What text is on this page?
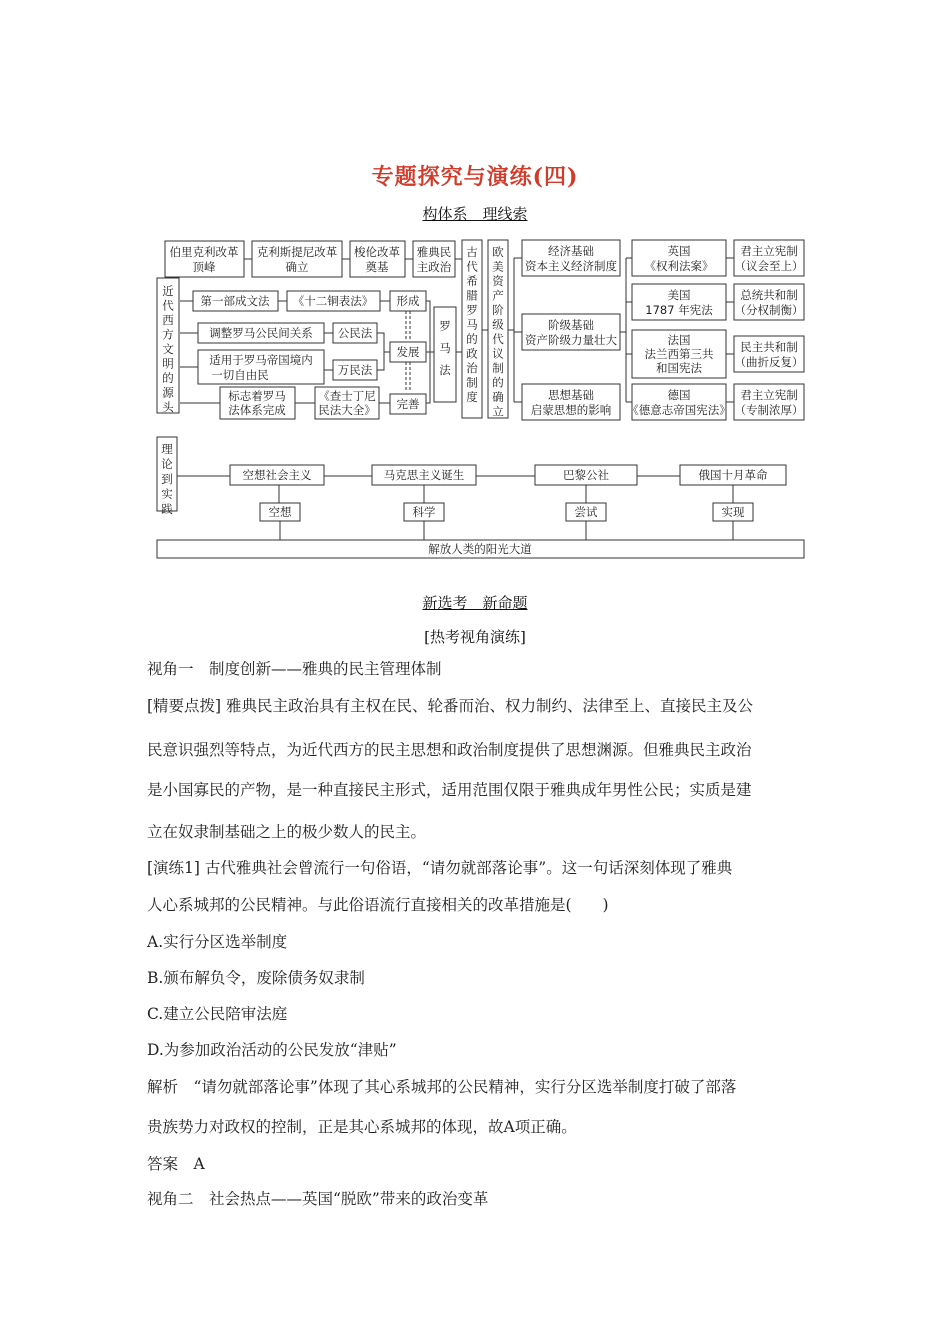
专题探究与演练(四)
构体系　理线索
伯里克利改革
顶峰
克利斯提尼改革
确立
梭伦改革
奠基
雅典民
主政治
近
代
西
方
文
明
的
源
头
古
代
希
腊
罗
马
的
政
治
制
度
欧
美
资
产
阶
级
代
议
制
的
确
立
罗
马
法
第一部成文法 《十二铜表法》 形成
调整罗马公民间关系 公民法
发展
适用于罗马帝国境内
一切自由民	万民法
标志着罗马
法体系完成
《查士丁尼
民法大全》 完善
经济基础
资本主义经济制度
阶级基础
资产阶级力量壮大
思想基础
启蒙思想的影响
英国
《权利法案》
美国
1787 年宪法
法国
法兰西第三共
和国宪法
德国
《德意志帝国宪法》
君主立宪制
（议会至上）
总统共和制
（分权制衡）
民主共和制
（曲折反复）
君主立宪制
（专制浓厚）
理
论
到
实
践
空想社会主义	马克思主义诞生	巴黎公社	俄国十月革命
空想	科学	尝试	实现
解放人类的阳光大道
新选考　新命题
[热考视角演练]
视角一　制度创新——雅典的民主管理体制
[精要点拨] 雅典民主政治具有主权在民、轮番而治、权力制约、法律至上、直接民主及公
民意识强烈等特点，为近代西方的民主思想和政治制度提供了思想渊源。但雅典民主政治
是小国寡民的产物，是一种直接民主形式，适用范围仅限于雅典成年男性公民；实质是建
立在奴隶制基础之上的极少数人的民主。
[演练1] 古代雅典社会曾流行一句俗语，“请勿就部落论事”。这一句话深刻体现了雅典
人心系城邦的公民精神。与此俗语流行直接相关的改革措施是(　　)
A.实行分区选举制度
B.颁布解负令，废除债务奴隶制
C.建立公民陪审法庭
D.为参加政治活动的公民发放“津贴”
解析　“请勿就部落论事”体现了其心系城邦的公民精神，实行分区选举制度打破了部落
贵族势力对政权的控制，正是其心系城邦的体现，故A项正确。
答案　A
视角二　社会热点——英国“脱欧”带来的政治变革
